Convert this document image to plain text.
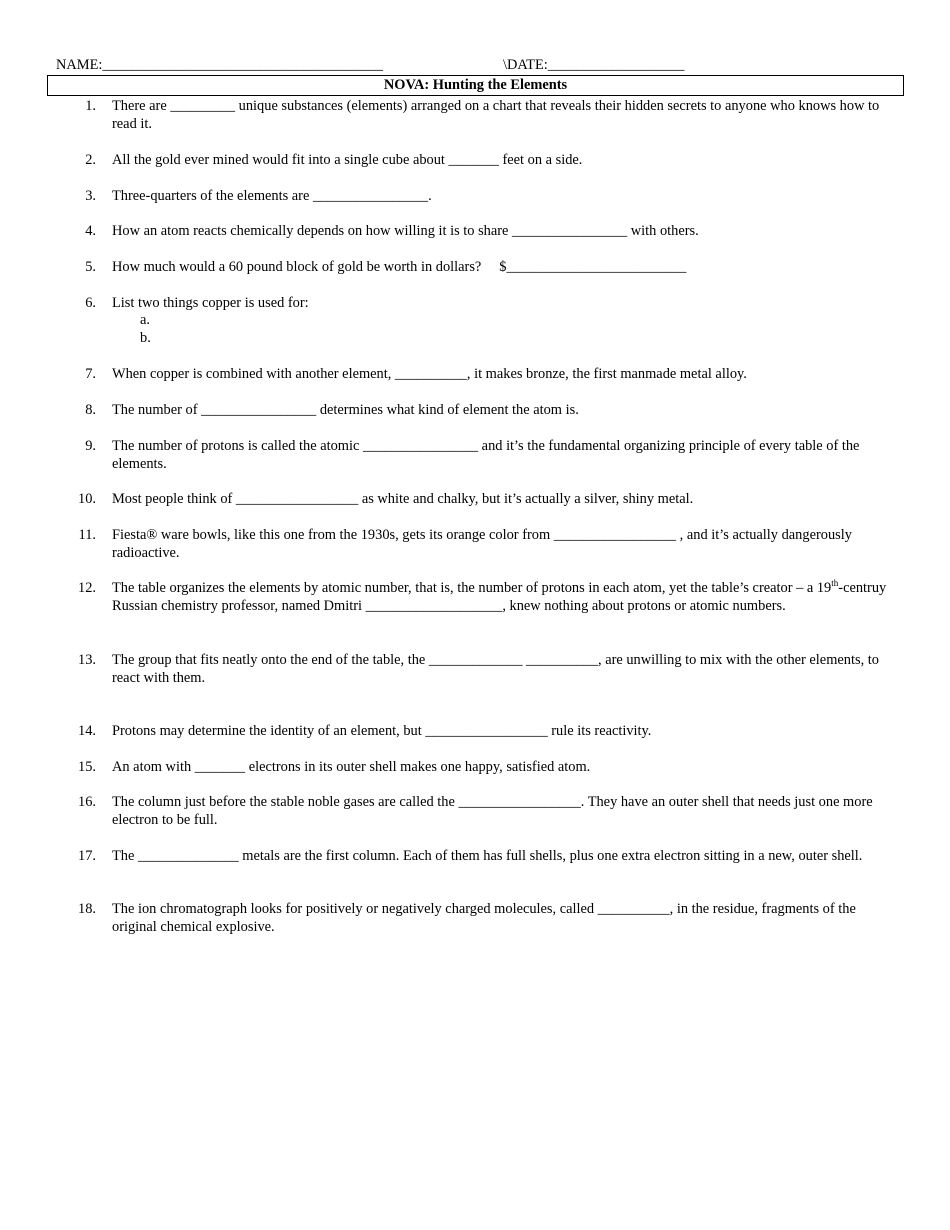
NAME:_______________________________________	\DATE:___________________
NOVA: Hunting the Elements
1. There are _________ unique substances (elements) arranged on a chart that reveals their hidden secrets to anyone who knows how to read it.
2. All the gold ever mined would fit into a single cube about _______ feet on a side.
3. Three-quarters of the elements are ________________.
4. How an atom reacts chemically depends on how willing it is to share ________________ with others.
5. How much would a 60 pound block of gold be worth in dollars?     $_________________________
6. List two things copper is used for:
a.
b.
7. When copper is combined with another element, __________, it makes bronze, the first manmade metal alloy.
8. The number of ________________ determines what kind of element the atom is.
9. The number of protons is called the atomic ________________ and it’s the fundamental organizing principle of every table of the elements.
10. Most people think of _________________ as white and chalky, but it’s actually a silver, shiny metal.
11. Fiesta® ware bowls, like this one from the 1930s, gets its orange color from _________________ , and it’s actually dangerously radioactive.
12. The table organizes the elements by atomic number, that is, the number of protons in each atom, yet the table’s creator – a 19th-centruy Russian chemistry professor, named Dmitri ___________________, knew nothing about protons or atomic numbers.
13. The group that fits neatly onto the end of the table, the _____________ __________, are unwilling to mix with the other elements, to react with them.
14. Protons may determine the identity of an element, but _________________ rule its reactivity.
15. An atom with _______ electrons in its outer shell makes one happy, satisfied atom.
16. The column just before the stable noble gases are called the _________________. They have an outer shell that needs just one more electron to be full.
17. The ______________ metals are the first column. Each of them has full shells, plus one extra electron sitting in a new, outer shell.
18. The ion chromatograph looks for positively or negatively charged molecules, called __________, in the residue, fragments of the original chemical explosive.
